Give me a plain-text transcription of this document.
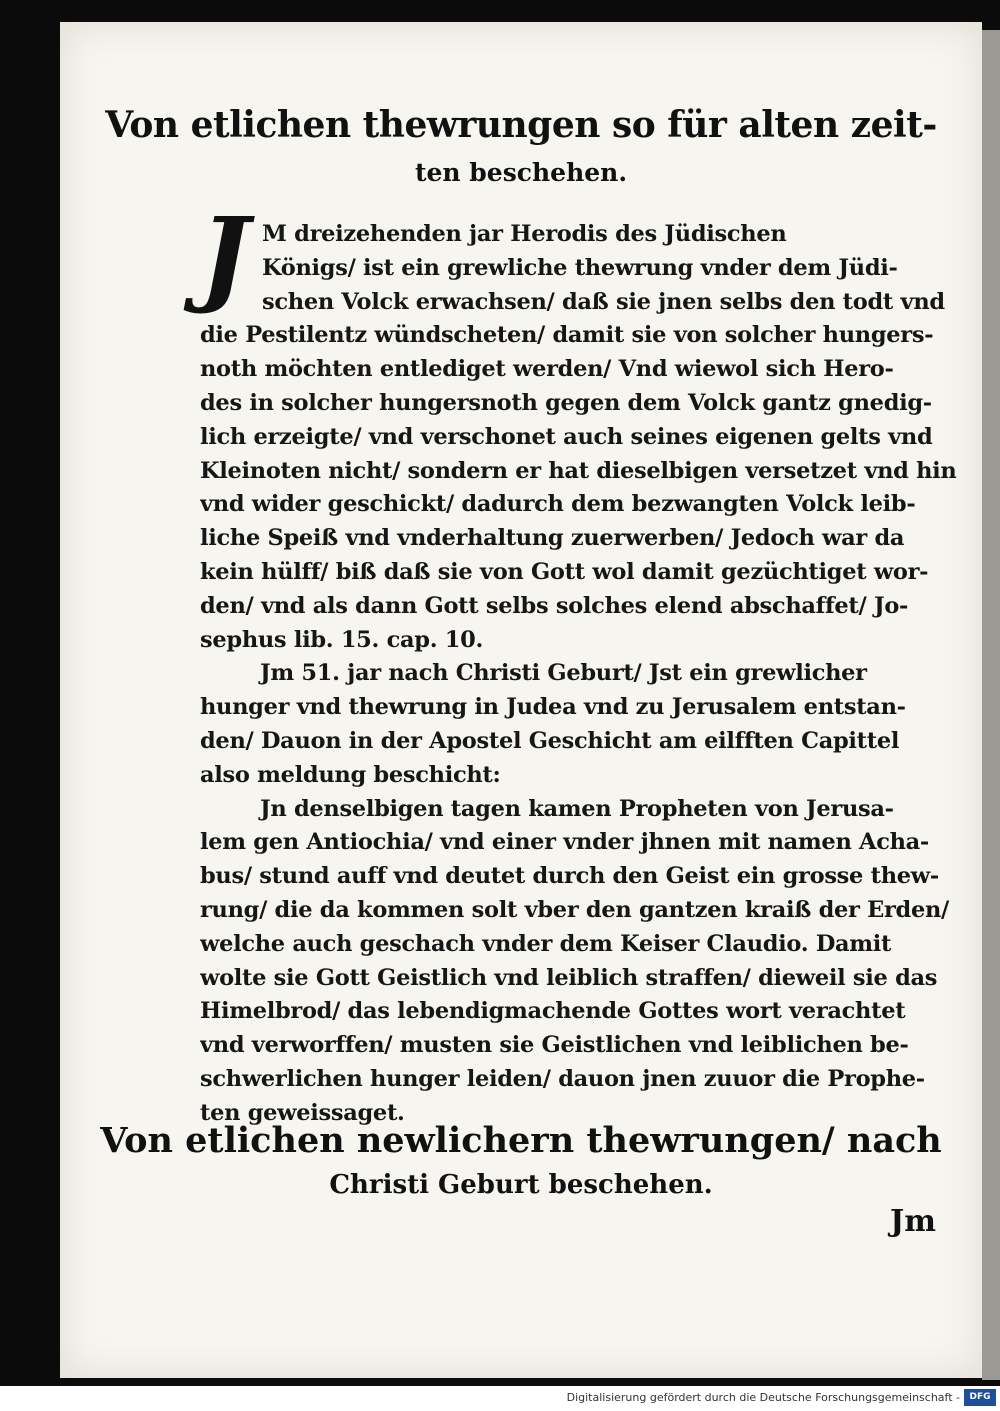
Von etlichen thewrungen so für alten zeit-
ten beschehen.
J M dreizehenden jar Herodis des Jüdischen
Königs/ ist ein grewliche thewrung vnder dem Jüdi-
schen Volck erwachsen/ daß sie jnen selbs den todt vnd
die Pestilentz wündscheten/ damit sie von solcher hungers-
noth möchten entlediget werden/ Vnd wiewol sich Hero-
des in solcher hungersnoth gegen dem Volck gantz gnedig-
lich erzeigte/ vnd verschonet auch seines eigenen gelts vnd
Kleinoten nicht/ sondern er hat dieselbigen versetzet vnd hin
vnd wider geschickt/ dadurch dem bezwangten Volck leib-
liche Speiß vnd vnderhaltung zuerwerben/ Jedoch war da
kein hülff/ biß daß sie von Gott wol damit gezüchtiget wor-
den/ vnd als dann Gott selbs solches elend abschaffet/ Jo-
sephus lib. 15. cap. 10.
Jm 51. jar nach Christi Geburt/ Jst ein grewlicher
hunger vnd thewrung in Judea vnd zu Jerusalem entstan-
den/ Dauon in der Apostel Geschicht am eilfften Capittel
also meldung beschicht:
Jn denselbigen tagen kamen Propheten von Jerusa-
lem gen Antiochia/ vnd einer vnder jhnen mit namen Acha-
bus/ stund auff vnd deutet durch den Geist ein grosse thew-
rung/ die da kommen solt vber den gantzen kraiß der Erden/
welche auch geschach vnder dem Keiser Claudio. Damit
wolte sie Gott Geistlich vnd leiblich straffen/ dieweil sie das
Himelbrod/ das lebendigmachende Gottes wort verachtet
vnd verworffen/ musten sie Geistlichen vnd leiblichen be-
schwerlichen hunger leiden/ dauon jnen zuuor die Prophe-
ten geweissaget.
Von etlichen newlichern thewrungen/ nach
Christi Geburt beschehen.
Jm
Digitalisierung gefördert durch die Deutsche Forschungsgemeinschaft -	DFG
